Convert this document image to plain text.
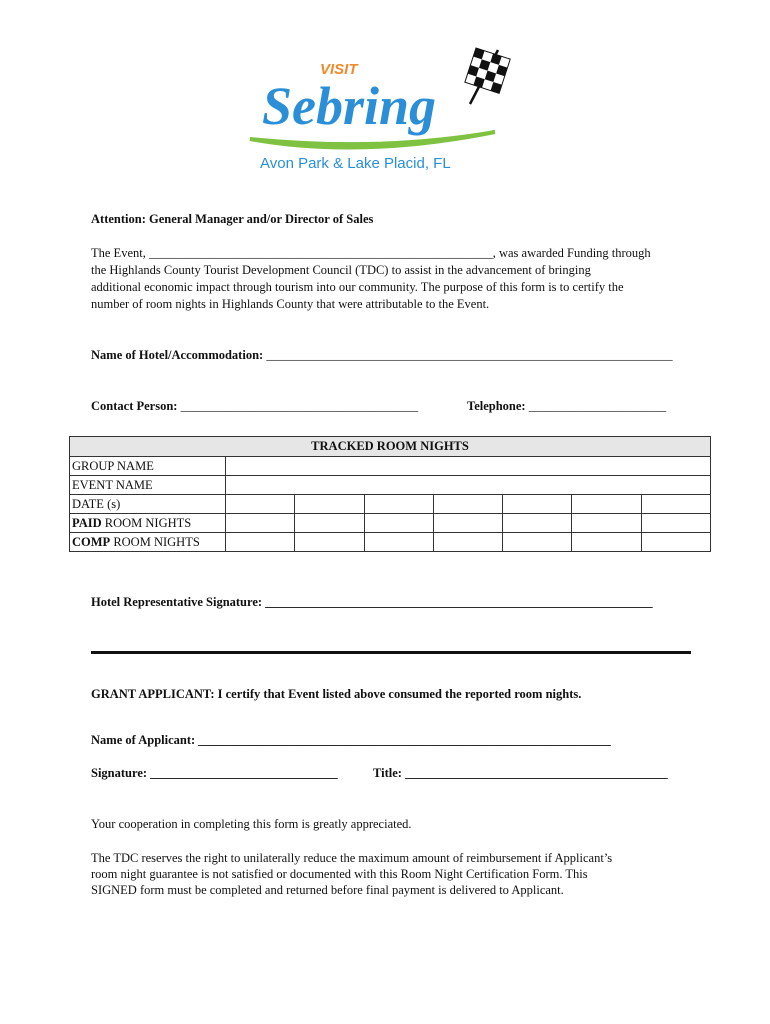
VISIT
Sebring
Avon Park & Lake Placid, FL
Attention: General Manager and/or Director of Sales
The Event, _______________________________________________________, was awarded Funding through
the Highlands County Tourist Development Council (TDC) to assist in the advancement of bringing
additional economic impact through tourism into our community. The purpose of this form is to certify the
number of room nights in Highlands County that were attributable to the Event.
Name of Hotel/Accommodation: _________________________________________________________________
Contact Person: ______________________________________	Telephone: ______________________
TRACKED ROOM NIGHTS							
GROUP NAME							
EVENT NAME							
DATE (s)							
PAID ROOM NIGHTS							
COMP ROOM NIGHTS							
Hotel Representative Signature: ______________________________________________________________
GRANT APPLICANT: I certify that Event listed above consumed the reported room nights.
Name of Applicant: __________________________________________________________________
Signature: ______________________________	Title: __________________________________________
Your cooperation in completing this form is greatly appreciated.
The TDC reserves the right to unilaterally reduce the maximum amount of reimbursement if Applicant’s
room night guarantee is not satisfied or documented with this Room Night Certification Form. This
SIGNED form must be completed and returned before final payment is delivered to Applicant.
